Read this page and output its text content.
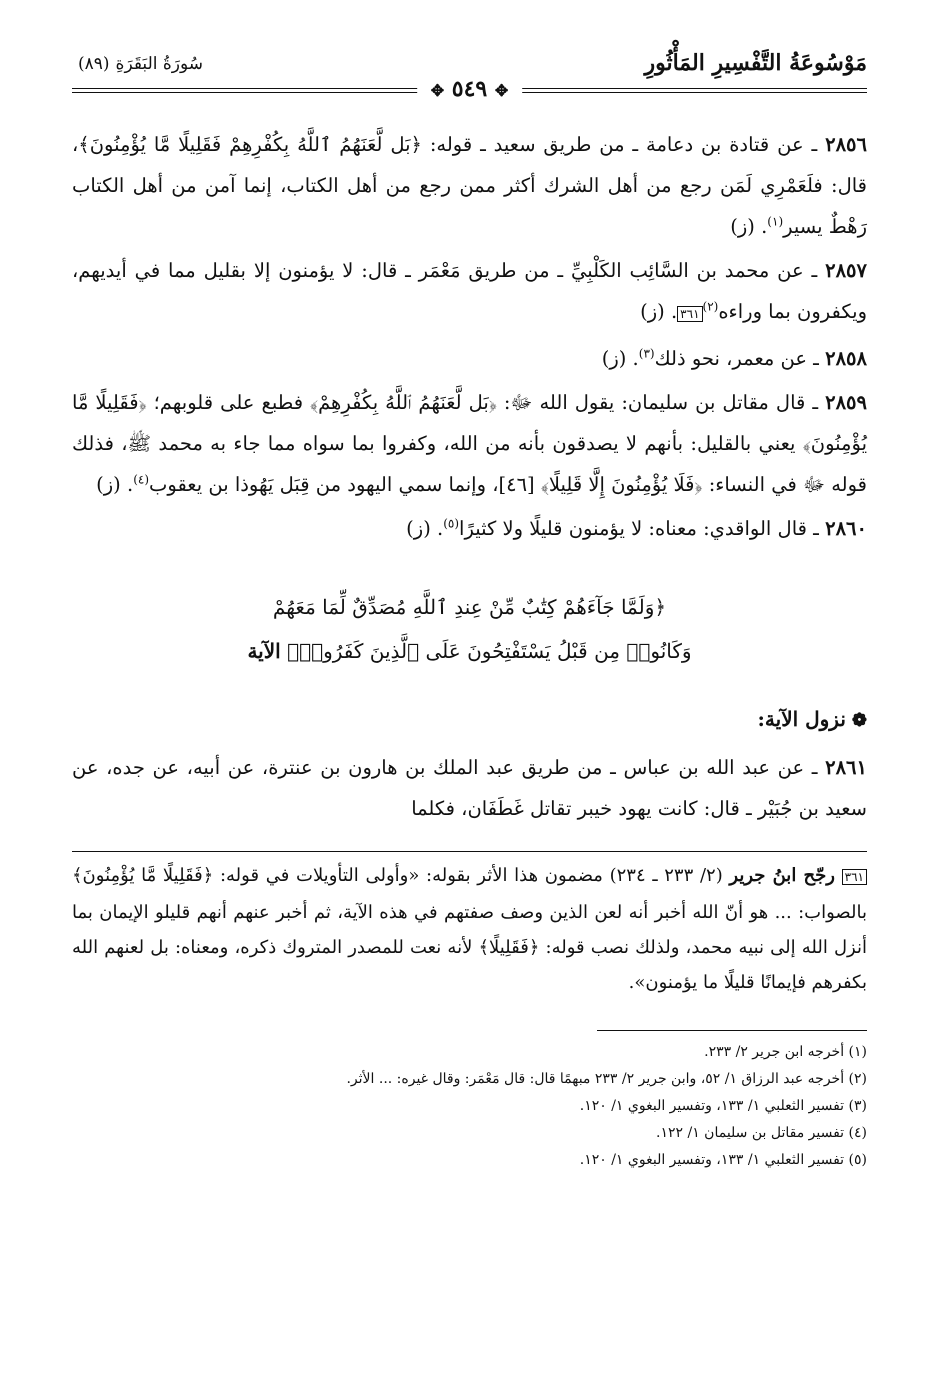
مَوْسُوعَةُ التَّفْسِيرِ المَأْثُورِ
✥ ٥٤٩ ✥
سُورَةُ البَقَرَةِ(٨٩)

٢٨٥٦ ـ عن قتادة بن دعامة ـ من طريق سعيد ـ قوله: ﴿بَل لَّعَنَهُمُ ٱللَّهُ بِكُفْرِهِمْ فَقَلِيلًا مَّا يُؤْمِنُونَ﴾، قال: فلَعَمْرِي لَمَن رجع من أهل الشرك أكثر ممن رجع من أهل الكتاب، إنما آمن من أهل الكتاب رَهْطٌ يسير$^{(١)}$. (ز)

٢٨٥٧ ـ عن محمد بن السَّائِب الكَلْبِيِّ ـ من طريق مَعْمَر ـ قال: لا يؤمنون إلا بقليل مما في أيديهم، ويكفرون بما وراءه$^{(٢)}$٣٦١. (ز)

٢٨٥٨ ـ عن معمر، نحو ذلك$^{(٣)}$. (ز)

٢٨٥٩ ـ قال مقاتل بن سليمان: يقول الله ﷻ: ﴿بَل لَّعَنَهُمُ ٱللَّهُ بِكُفْرِهِمْ﴾ فطبع على قلوبهم؛ ﴿فَقَلِيلًا مَّا يُؤْمِنُونَ﴾ يعني بالقليل: بأنهم لا يصدقون بأنه من الله، وكفروا بما سواه مما جاء به محمد ﷺ، فذلك قوله ﷻ في النساء: ﴿فَلَا يُؤْمِنُونَ إِلَّا قَلِيلًا﴾ [٤٦]، وإنما سمي اليهود من قِبَل يَهُوذا بن يعقوب$^{(٤)}$. (ز)

٢٨٦٠ ـ قال الواقدي: معناه: لا يؤمنون قليلًا ولا كثيرًا$^{(٥)}$. (ز)

﴿وَلَمَّا جَآءَهُمْ كِتَٰبٌ مِّنْ عِندِ ٱللَّهِ مُصَدِّقٌ لِّمَا مَعَهُمْ
وَكَانُوا۟ مِن قَبْلُ يَسْتَفْتِحُونَ عَلَى ٱلَّذِينَ كَفَرُوا۟﴾ الآية
❁نزول الآية:

٢٨٦١ ـ عن عبد الله بن عباس ـ من طريق عبد الملك بن هارون بن عنترة، عن أبيه، عن جده، عن سعيد بن جُبَيْر ـ قال: كانت يهود خيبر تقاتل غَطَفَان، فكلما

٣٦١ رجّح ابنُ جرير (٢/ ٢٣٣ ـ ٢٣٤) مضمون هذا الأثر بقوله: «وأولى التأويلات في قوله: ﴿فَقَلِيلًا مَّا يُؤْمِنُونَ﴾ بالصواب: ... هو أنّ الله أخبر أنه لعن الذين وصف صفتهم في هذه الآية، ثم أخبر عنهم أنهم قليلو الإيمان بما أنزل الله إلى نبيه محمد، ولذلك نصب قوله: ﴿فَقَلِيلًا﴾ لأنه نعت للمصدر المتروك ذكره، ومعناه: بل لعنهم الله بكفرهم فإيمانًا قليلًا ما يؤمنون».
(١) أخرجه ابن جرير ٢/ ٢٣٣.
(٢) أخرجه عبد الرزاق ١/ ٥٢، وابن جرير ٢/ ٢٣٣ مبهمًا قال: قال مَعْمَر: وقال غيره: ... الأثر.
(٣) تفسير الثعلبي ١/ ١٣٣، وتفسير البغوي ١/ ١٢٠.
(٤) تفسير مقاتل بن سليمان ١/ ١٢٢.
(٥) تفسير الثعلبي ١/ ١٣٣، وتفسير البغوي ١/ ١٢٠.
